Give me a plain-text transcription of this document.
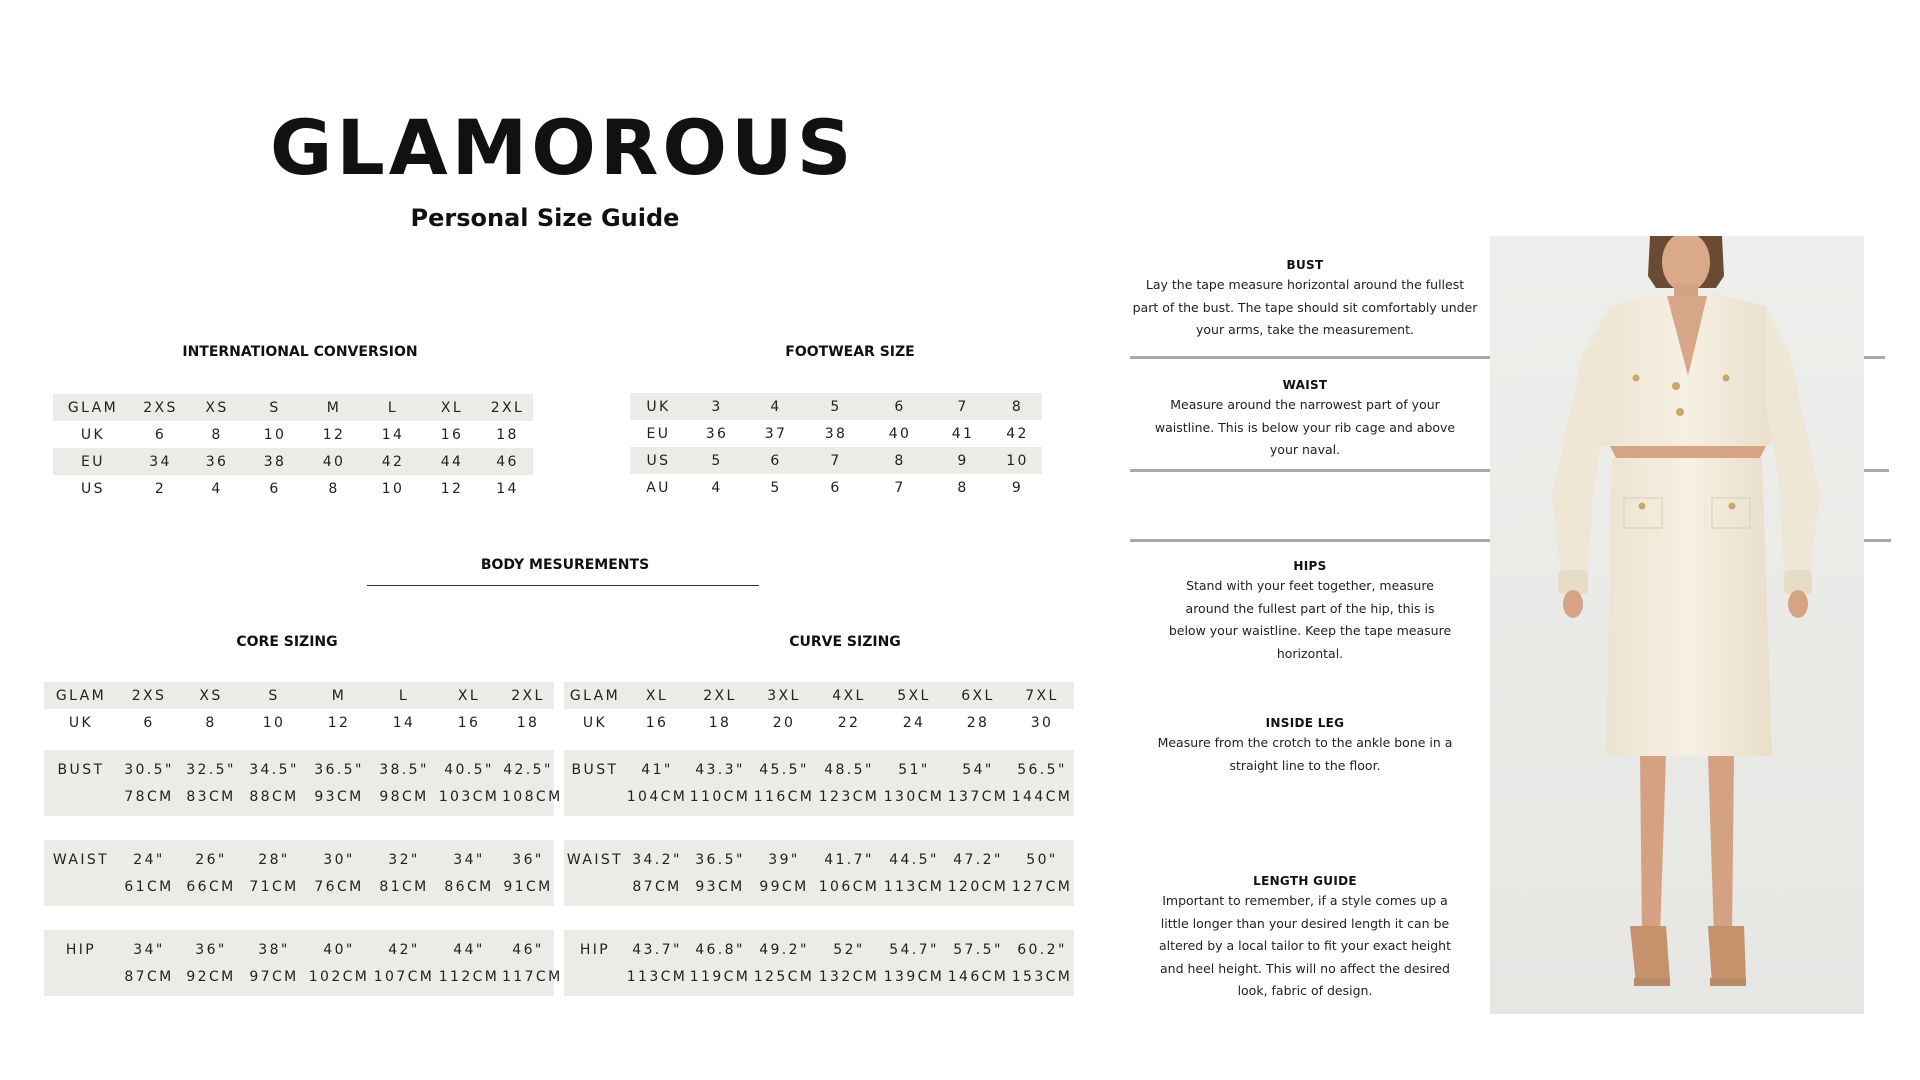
GLAMOROUS
Personal Size Guide
INTERNATIONAL CONVERSION
GLAM	2XS	XS	S	M	L	XL	2XL
UK	6	8	10	12	14	16	18
EU	34	36	38	40	42	44	46
US	2	4	6	8	10	12	14
FOOTWEAR SIZE
UK	3	4	5	6	7	8
EU	36	37	38	40	41	42
US	5	6	7	8	9	10
AU	4	5	6	7	8	9
BODY MESUREMENTS
CORE SIZING	CURVE SIZING
GLAM	2XS	XS	S	M	L	XL	2XL
UK	6	8	10	12	14	16	18

BUST	30.5"	32.5"	34.5"	36.5"	38.5"	40.5"	42.5"
	78CM	83CM	88CM	93CM	98CM	103CM	108CM

WAIST	24"	26"	28"	30"	32"	34"	36"
	61CM	66CM	71CM	76CM	81CM	86CM	91CM

HIP	34"	36"	38"	40"	42"	44"	46"
	87CM	92CM	97CM	102CM	107CM	112CM	117CM

GLAM	XL	2XL	3XL	4XL	5XL	6XL	7XL
UK	16	18	20	22	24	28	30

BUST	41"	43.3"	45.5"	48.5"	51"	54"	56.5"
	104CM	110CM	116CM	123CM	130CM	137CM	144CM

WAIST	34.2"	36.5"	39"	41.7"	44.5"	47.2"	50"
	87CM	93CM	99CM	106CM	113CM	120CM	127CM

HIP	43.7"	46.8"	49.2"	52"	54.7"	57.5"	60.2"
	113CM	119CM	125CM	132CM	139CM	146CM	153CM

BUST
Lay the tape measure horizontal around the fullest
part of the bust. The tape should sit comfortably under
your arms, take the measurement.
WAIST
Measure around the narrowest part of your
waistline. This is below your rib cage and above
your naval.
HIPS
Stand with your feet together, measure
around the fullest part of the hip, this is
below your waistline. Keep the tape measure
horizontal.
INSIDE LEG
Measure from the crotch to the ankle bone in a
straight line to the floor.
LENGTH GUIDE
Important to remember, if a style comes up a
little longer than your desired length it can be
altered by a local tailor to fit your exact height
and heel height. This will no affect the desired
look, fabric of design.
